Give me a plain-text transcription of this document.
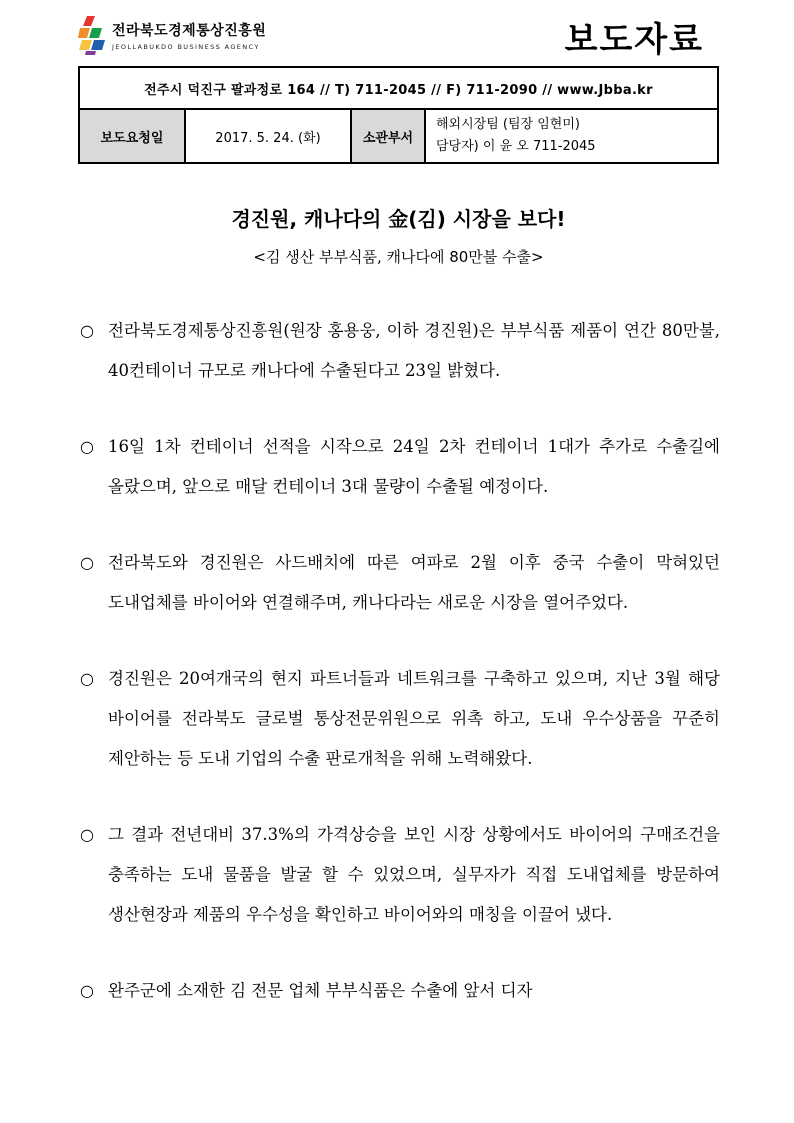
전라북도경제통상진흥원
JEOLLABUKDO BUSINESS AGENCY	보도자료
전주시 덕진구 팔과정로 164 // T) 711-2045 // F) 711-2090 // www.Jbba.kr
보도요청일	2017. 5. 24. (화)	소관부서	
해외시장팀 (팀장 임현미)
담당자) 이 윤 오 711-2045
경진원, 캐나다의 金(김) 시장을 보다!
<김 생산 부부식품, 캐나다에 80만불 수출>
○ 전라북도경제통상진흥원(원장 홍용웅, 이하 경진원)은 부부식품 제품이 연간 80만불, 40컨테이너 규모로 캐나다에 수출된다고 23일 밝혔다.
○ 16일 1차 컨테이너 선적을 시작으로 24일 2차 컨테이너 1대가 추가로 수출길에 올랐으며, 앞으로 매달 컨테이너 3대 물량이 수출될 예정이다.
○ 전라북도와 경진원은 사드배치에 따른 여파로 2월 이후 중국 수출이 막혀있던 도내업체를 바이어와 연결해주며, 캐나다라는 새로운 시장을 열어주었다.
○ 경진원은 20여개국의 현지 파트너들과 네트워크를 구축하고 있으며, 지난 3월 해당 바이어를 전라북도 글로벌 통상전문위원으로 위촉 하고, 도내 우수상품을 꾸준히 제안하는 등 도내 기업의 수출 판로개척을 위해 노력해왔다.
○ 그 결과 전년대비 37.3%의 가격상승을 보인 시장 상황에서도 바이어의 구매조건을 충족하는 도내 물품을 발굴 할 수 있었으며, 실무자가 직접 도내업체를 방문하여 생산현장과 제품의 우수성을 확인하고 바이어와의 매칭을 이끌어 냈다.
○ 완주군에 소재한 김 전문 업체 부부식품은 수출에 앞서 디자
